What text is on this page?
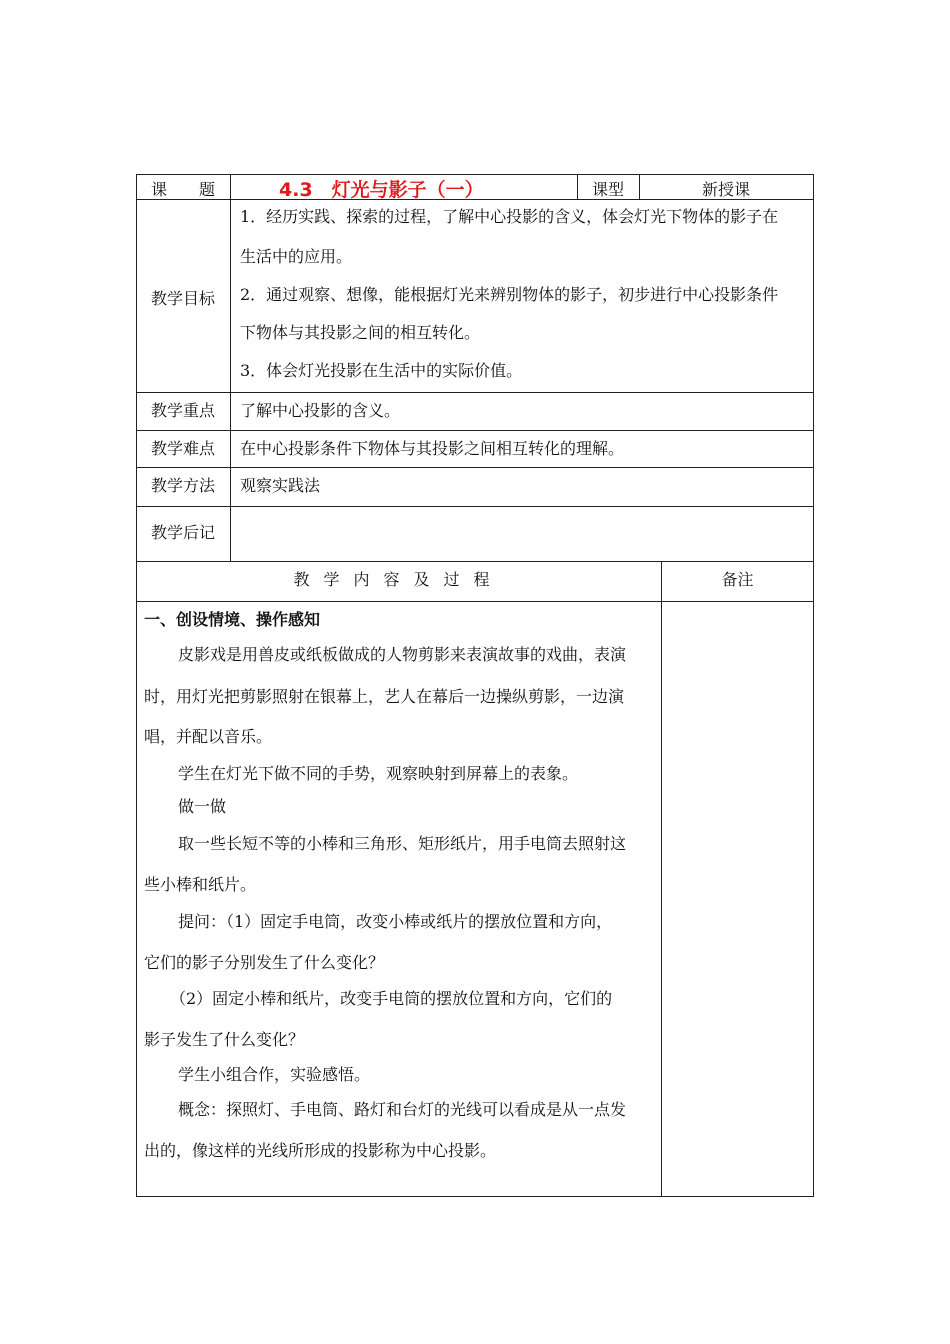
课　　题	4.3　灯光与影子（一）	课型	新授课
教学目标
1．经历实践、探索的过程，了解中心投影的含义，体会灯光下物体的影子在
生活中的应用。
2．通过观察、想像，能根据灯光来辨别物体的影子，初步进行中心投影条件
下物体与其投影之间的相互转化。
3．体会灯光投影在生活中的实际价值。
教学重点	了解中心投影的含义。
教学难点	在中心投影条件下物体与其投影之间相互转化的理解。
教学方法	观察实践法
教学后记
教学内容及过程	备注
一、创设情境、操作感知
皮影戏是用兽皮或纸板做成的人物剪影来表演故事的戏曲，表演
时，用灯光把剪影照射在银幕上，艺人在幕后一边操纵剪影，一边演
唱，并配以音乐。
学生在灯光下做不同的手势，观察映射到屏幕上的表象。
做一做
取一些长短不等的小棒和三角形、矩形纸片，用手电筒去照射这
些小棒和纸片。
提问：（1）固定手电筒，改变小棒或纸片的摆放位置和方向，
它们的影子分别发生了什么变化？
（2）固定小棒和纸片，改变手电筒的摆放位置和方向，它们的
影子发生了什么变化？
学生小组合作，实验感悟。
概念：探照灯、手电筒、路灯和台灯的光线可以看成是从一点发
出的，像这样的光线所形成的投影称为中心投影。
